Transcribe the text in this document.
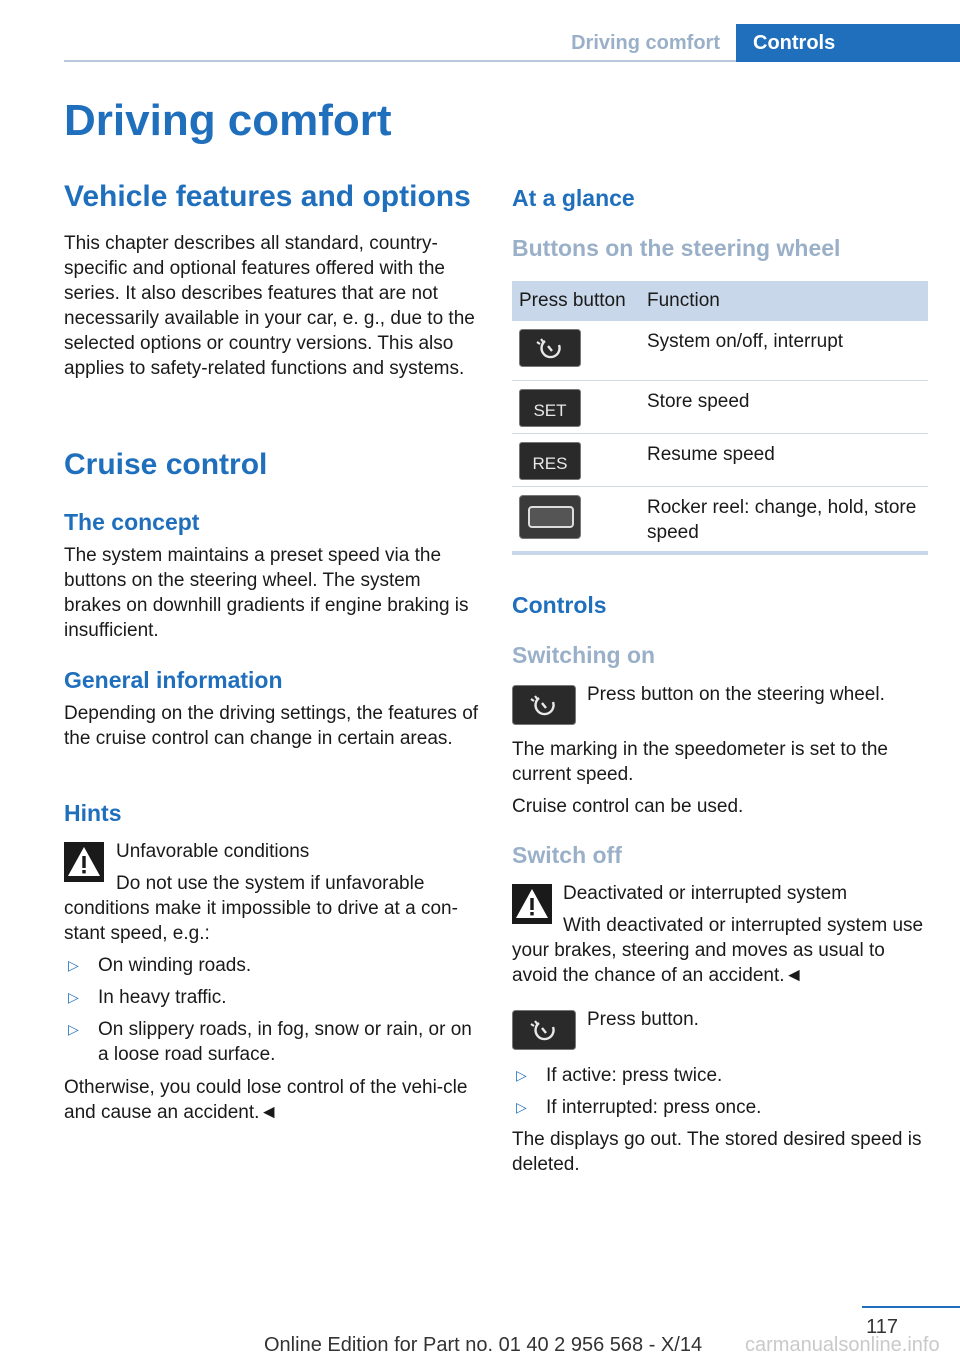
Driving comfort	Controls
Driving comfort
Vehicle features and options

This chapter describes all standard, country-specific and optional features offered with the series. It also describes features that are not necessarily available in your car, e. g., due to the selected options or country versions. This also applies to safety-related functions and systems.

Cruise control
The concept

The system maintains a preset speed via the buttons on the steering wheel. The system brakes on downhill gradients if engine braking is insufficient.

General information

Depending on the driving settings, the features of the cruise control can change in certain areas.

Hints

Unfavorable conditions

Do not use the system if unfavorable conditions make it impossible to drive at a con-stant speed, e.g.:

▷ On winding roads.
▷ In heavy traffic.
▷ On slippery roads, in fog, snow or rain, or on a loose road surface.

Otherwise, you could lose control of the vehi-cle and cause an accident.◄

At a glance
Buttons on the steering wheel
Press button	Function
	System on/off, interrupt

SET	Store speed

RES	Resume speed

	Rocker reel: change, hold, store speed
Controls
Switching on

Press button on the steering wheel.

The marking in the speedometer is set to the current speed.

Cruise control can be used.

Switch off

Deactivated or interrupted system

With deactivated or interrupted system use your brakes, steering and moves as usual to avoid the chance of an accident.◄

Press button.

▷ If active: press twice.
▷ If interrupted: press once.

The displays go out. The stored desired speed is deleted.

117
Online Edition for Part no. 01 40 2 956 568 - X/14 carmanualsonline.info
